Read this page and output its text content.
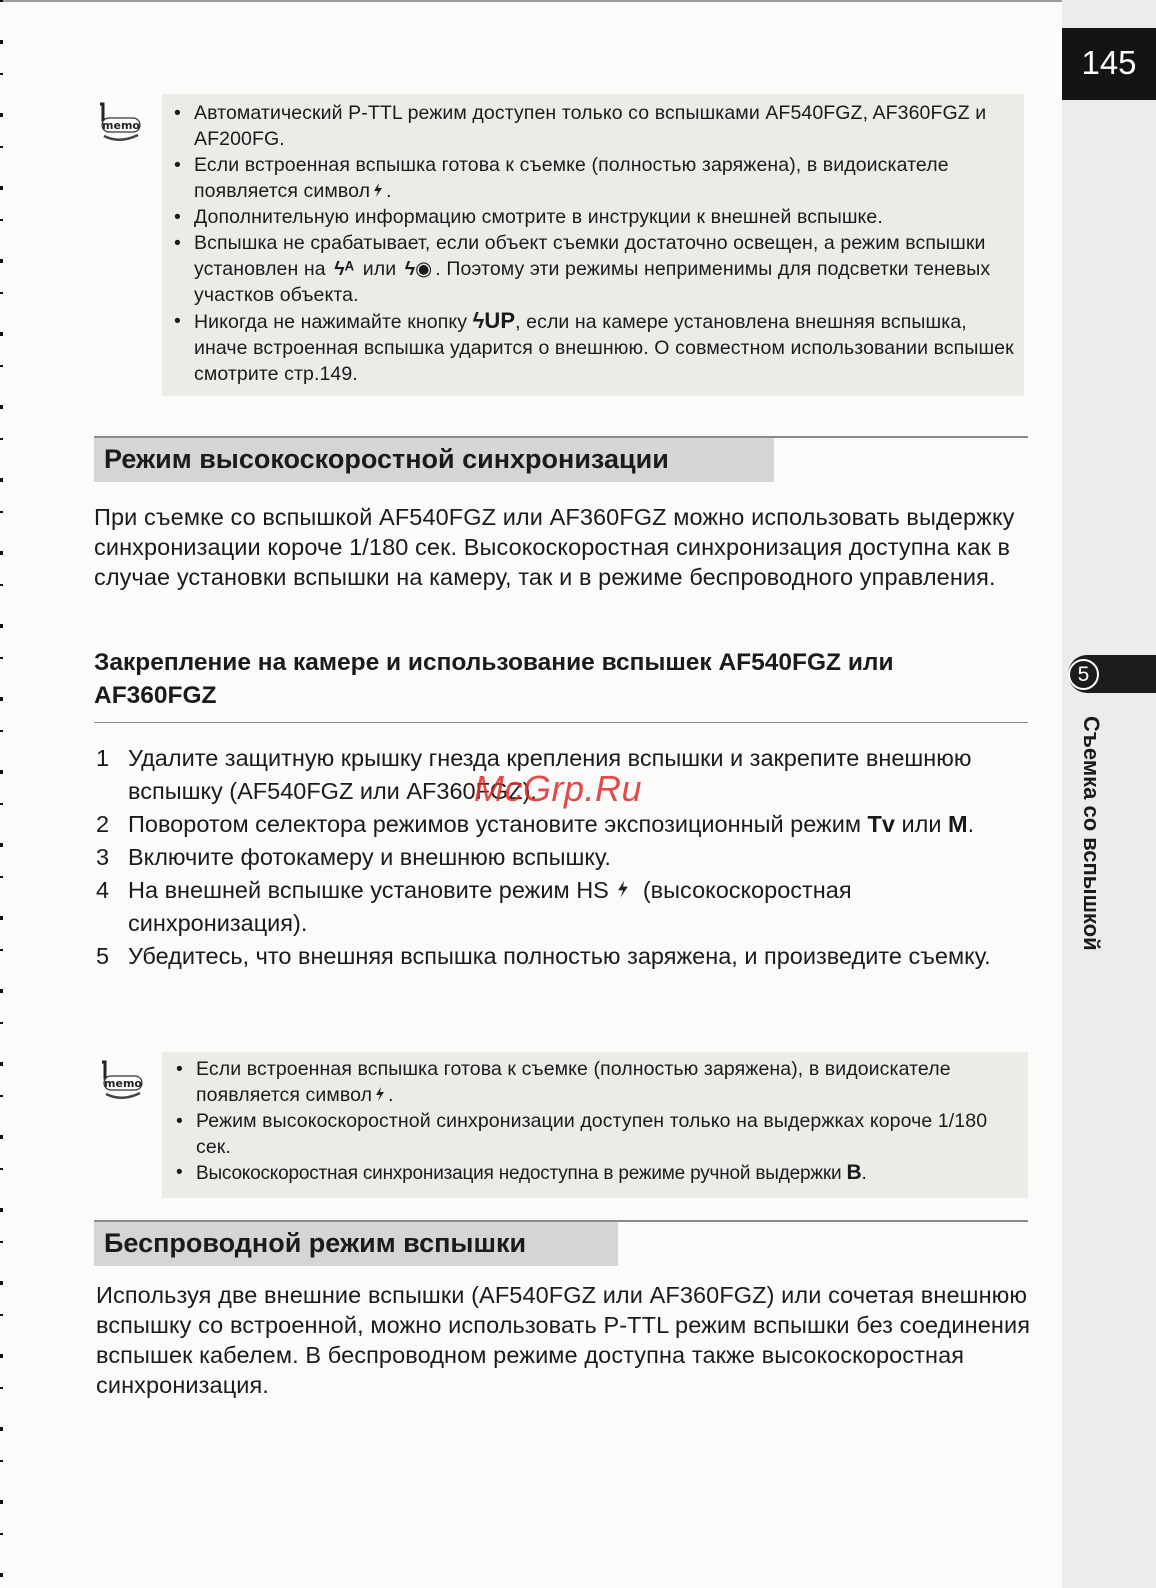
145
5
Съемка со вспышкой
memo
• Автоматический P-TTL режим доступен только со вспышками AF540FGZ, AF360FGZ и AF200FG.
• Если встроенная вспышка готова к съемке (полностью заряжена), в видоискателе появляется символ .
• Дополнительную информацию смотрите в инструкции к внешней вспышке.
• Вспышка не срабатывает, если объект съемки достаточно освещен, а режим вспышки установлен на ϟᴬ или ϟ◉ . Поэтому эти режимы неприменимы для подсветки теневых участков объекта.
• Никогда не нажимайте кнопку ϟUP, если на камере установлена внешняя вспышка, иначе встроенная вспышка ударится о внешнюю. О совместном использовании вспышек смотрите стр.149.
Режим высокоскоростной синхронизации
При съемке со вспышкой AF540FGZ или AF360FGZ можно использовать выдержку синхронизации короче 1/180 сек. Высокоскоростная синхронизация доступна как в случае установки вспышки на камеру, так и в режиме беспроводного управления.
Закрепление на камере и использование вспышек AF540FGZ или AF360FGZ
1 Удалите защитную крышку гнезда крепления вспышки и закрепите внешнюю вспышку (AF540FGZ или AF360FGZ).
2 Поворотом селектора режимов установите экспозиционный режим Tv или M.
3 Включите фотокамеру и внешнюю вспышку.
4 На внешней вспышке установите режим HS (высокоскоростная синхронизация).
5 Убедитесь, что внешняя вспышка полностью заряжена, и произведите съемку.
McGrp.Ru
memo
• Если встроенная вспышка готова к съемке (полностью заряжена), в видоискателе появляется символ .
• Режим высокоскоростной синхронизации доступен только на выдержках короче 1/180 сек.
• Высокоскоростная синхронизация недоступна в режиме ручной выдержки B.
Беспроводной режим вспышки
Используя две внешние вспышки (AF540FGZ или AF360FGZ) или сочетая внешнюю вспышку со встроенной, можно использовать P-TTL режим вспышки без соединения вспышек кабелем. В беспроводном режиме доступна также высокоскоростная синхронизация.
